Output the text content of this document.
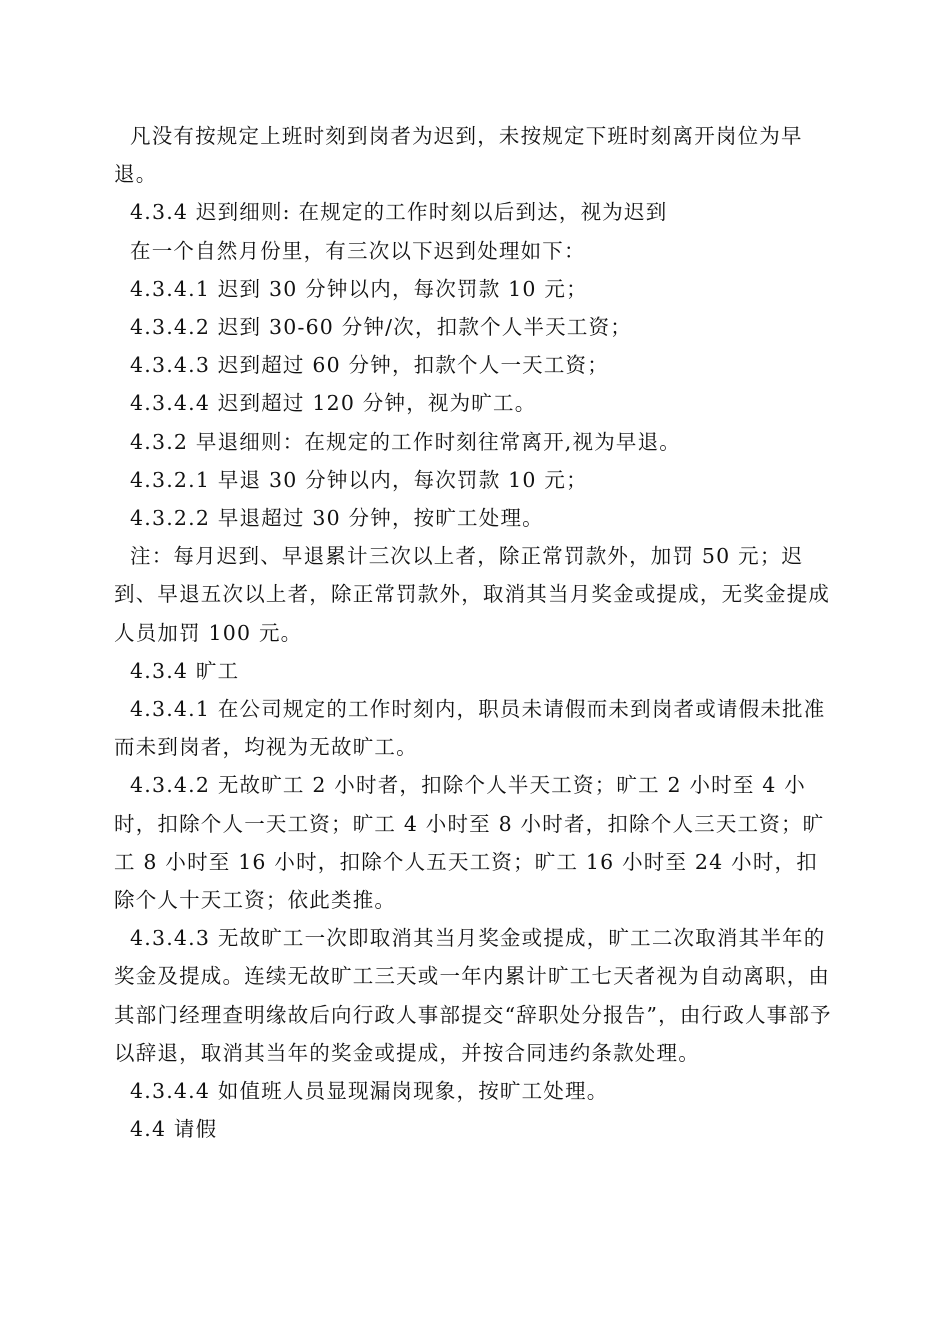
凡没有按规定上班时刻到岗者为迟到，未按规定下班时刻离开岗位为早退。

4.3.4 迟到细则: 在规定的工作时刻以后到达，视为迟到

在一个自然月份里，有三次以下迟到处理如下：

4.3.4.1 迟到 30 分钟以内，每次罚款 10 元；

4.3.4.2 迟到 30-60 分钟/次，扣款个人半天工资；

4.3.4.3 迟到超过 60 分钟，扣款个人一天工资；

4.3.4.4 迟到超过 120 分钟，视为旷工。

4.3.2 早退细则：在规定的工作时刻往常离开,视为早退。

4.3.2.1 早退 30 分钟以内，每次罚款 10 元；

4.3.2.2 早退超过 30 分钟，按旷工处理。

注：每月迟到、早退累计三次以上者，除正常罚款外，加罚 50 元；迟到、早退五次以上者，除正常罚款外，取消其当月奖金或提成，无奖金提成人员加罚 100 元。

4.3.4 旷工

4.3.4.1 在公司规定的工作时刻内，职员未请假而未到岗者或请假未批准而未到岗者，均视为无故旷工。

4.3.4.2 无故旷工 2 小时者，扣除个人半天工资；旷工 2 小时至 4 小时，扣除个人一天工资；旷工 4 小时至 8 小时者，扣除个人三天工资；旷工 8 小时至 16 小时，扣除个人五天工资；旷工 16 小时至 24 小时，扣除个人十天工资；依此类推。

4.3.4.3 无故旷工一次即取消其当月奖金或提成，旷工二次取消其半年的奖金及提成。连续无故旷工三天或一年内累计旷工七天者视为自动离职，由其部门经理查明缘故后向行政人事部提交“辞职处分报告”，由行政人事部予以辞退，取消其当年的奖金或提成，并按合同违约条款处理。

4.3.4.4 如值班人员显现漏岗现象，按旷工处理。

4.4 请假
